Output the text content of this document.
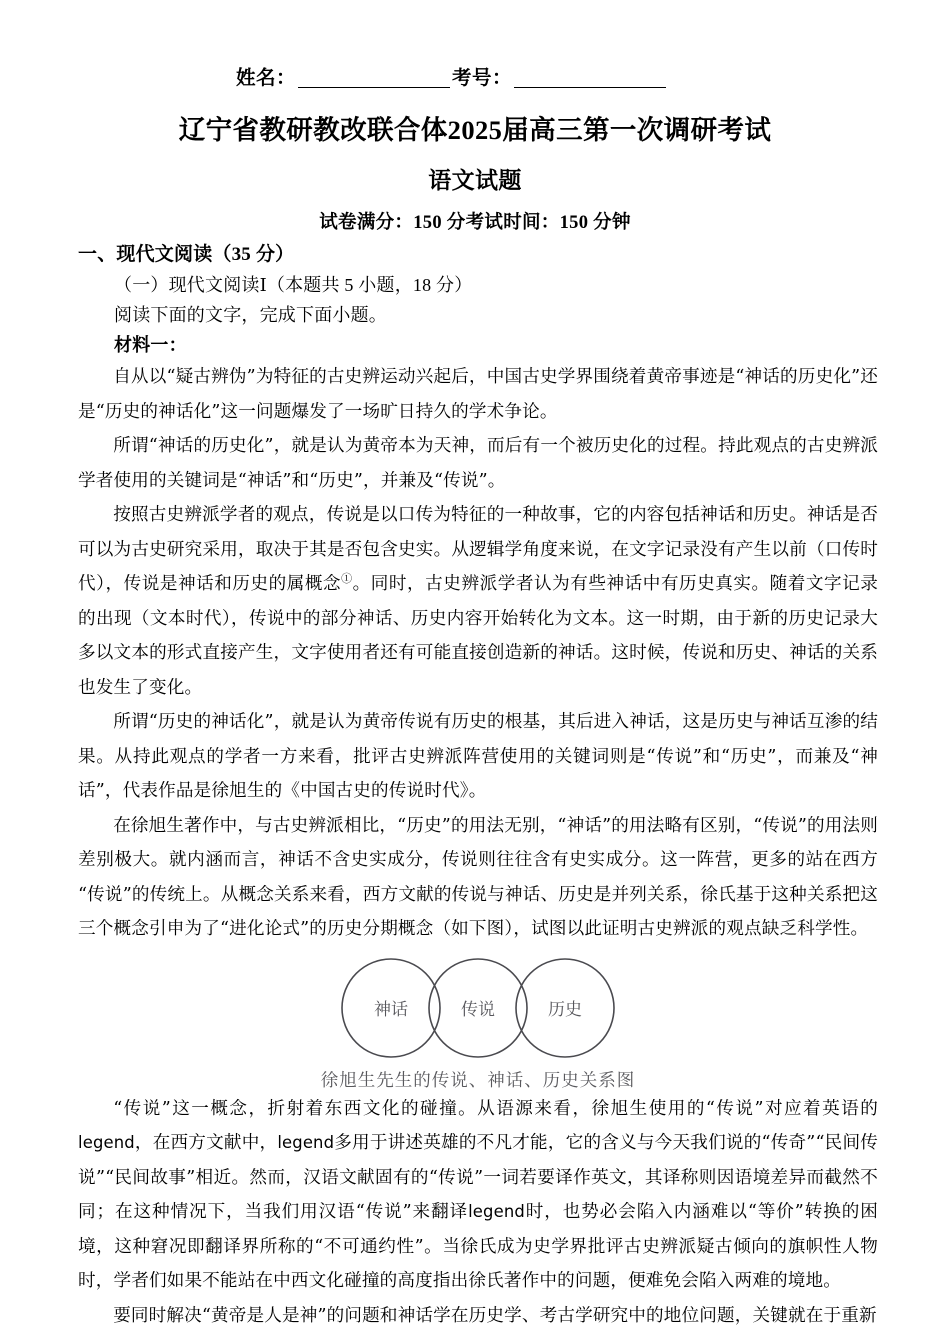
姓名：	考号：
辽宁省教研教改联合体2025届高三第一次调研考试
语文试题
试卷满分：150 分考试时间：150 分钟

一、现代文阅读（35 分）

（一）现代文阅读Ⅰ（本题共 5 小题，18 分）

阅读下面的文字，完成下面小题。

材料一：

自从以“疑古辨伪”为特征的古史辨运动兴起后，中国古史学界围绕着黄帝事迹是“神话的历史化”还是“历史的神话化”这一问题爆发了一场旷日持久的学术争论。

所谓“神话的历史化”，就是认为黄帝本为天神，而后有一个被历史化的过程。持此观点的古史辨派学者使用的关键词是“神话”和“历史”，并兼及“传说”。

按照古史辨派学者的观点，传说是以口传为特征的一种故事，它的内容包括神话和历史。神话是否可以为古史研究采用，取决于其是否包含史实。从逻辑学角度来说，在文字记录没有产生以前（口传时代），传说是神话和历史的属概念①。同时，古史辨派学者认为有些神话中有历史真实。随着文字记录的出现（文本时代），传说中的部分神话、历史内容开始转化为文本。这一时期，由于新的历史记录大多以文本的形式直接产生，文字使用者还有可能直接创造新的神话。这时候，传说和历史、神话的关系也发生了变化。

所谓“历史的神话化”，就是认为黄帝传说有历史的根基，其后进入神话，这是历史与神话互渗的结果。从持此观点的学者一方来看，批评古史辨派阵营使用的关键词则是“传说”和“历史”，而兼及“神话”，代表作品是徐旭生的《中国古史的传说时代》。

在徐旭生著作中，与古史辨派相比，“历史”的用法无别，“神话”的用法略有区别，“传说”的用法则差别极大。就内涵而言，神话不含史实成分，传说则往往含有史实成分。这一阵营，更多的站在西方“传说”的传统上。从概念关系来看，西方文献的传说与神话、历史是并列关系，徐氏基于这种关系把这三个概念引申为了“进化论式”的历史分期概念（如下图），试图以此证明古史辨派的观点缺乏科学性。

神话	传说	历史
徐旭生先生的传说、神话、历史关系图

“传说”这一概念，折射着东西文化的碰撞。从语源来看，徐旭生使用的“传说”对应着英语的legend，在西方文献中，legend多用于讲述英雄的不凡才能，它的含义与今天我们说的“传奇”“民间传说”“民间故事”相近。然而，汉语文献固有的“传说”一词若要译作英文，其译称则因语境差异而截然不同；在这种情况下，当我们用汉语“传说”来翻译legend时，也势必会陷入内涵难以“等价”转换的困境，这种窘况即翻译界所称的“不可通约性”。当徐氏成为史学界批评古史辨派疑古倾向的旗帜性人物时，学者们如果不能站在中西文化碰撞的高度指出徐氏著作中的问题，便难免会陷入两难的境地。

要同时解决“黄帝是人是神”的问题和神话学在历史学、考古学研究中的地位问题，关键就在于重新
